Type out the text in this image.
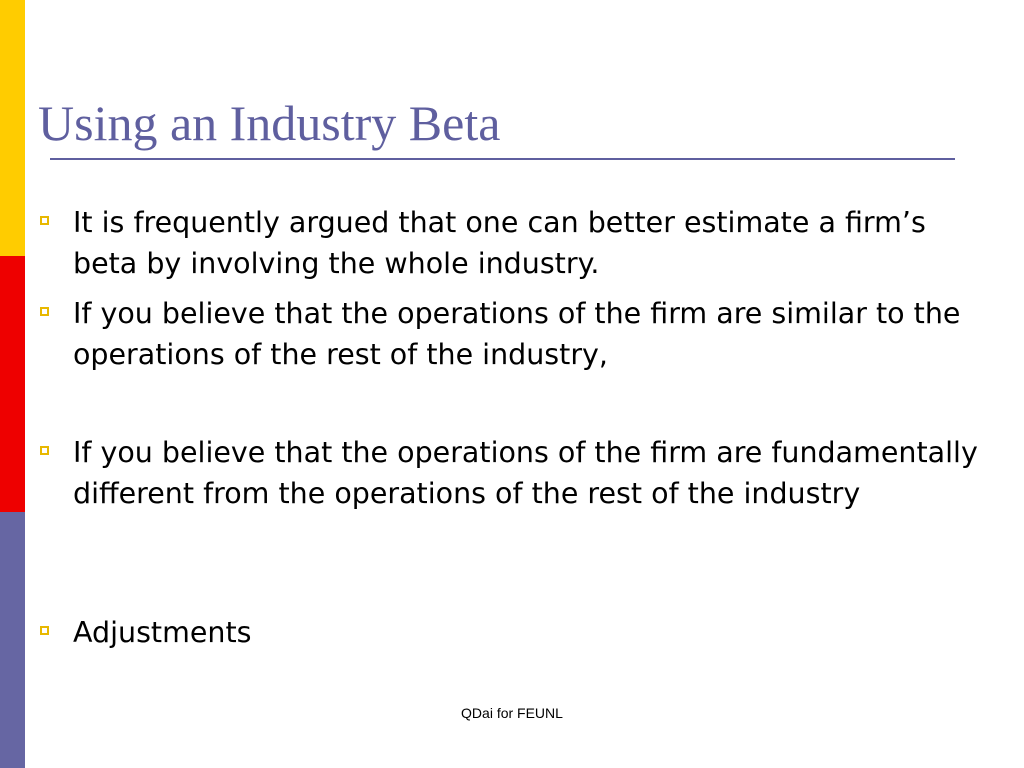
Using an Industry Beta
It is frequently argued that one can better estimate a firm’s beta by involving the whole industry.
If you believe that the operations of the firm are similar to the operations of the rest of the industry,
If you believe that the operations of the firm are fundamentally different from the operations of the rest of the industry
Adjustments
QDai for FEUNL
